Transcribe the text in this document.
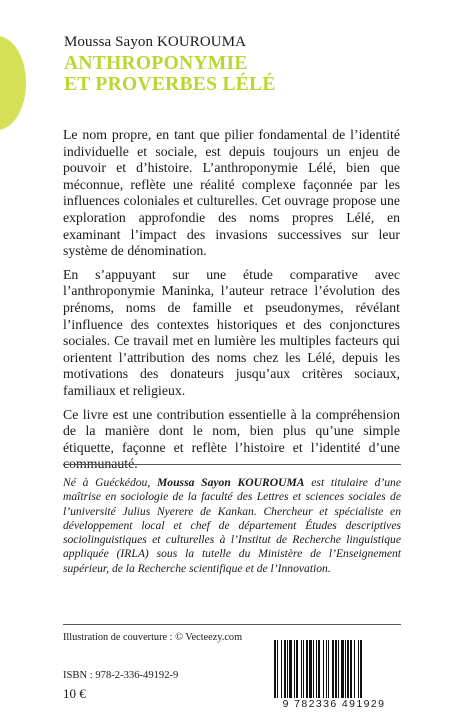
Moussa Sayon KOUROUMA
ANTHROPONYMIE
ET PROVERBES LÉLÉ

Le nom propre, en tant que pilier fondamental de l’identité individuelle et sociale, est depuis toujours un enjeu de pouvoir et d’histoire. L’anthroponymie Lélé, bien que méconnue, reflète une réalité complexe façonnée par les influences coloniales et culturelles. Cet ouvrage propose une exploration approfondie des noms propres Lélé, en examinant l’impact des invasions successives sur leur système de dénomination.

En s’appuyant sur une étude comparative avec l’anthroponymie Maninka, l’auteur retrace l’évolution des prénoms, noms de famille et pseudonymes, révélant l’influence des contextes historiques et des conjonctures sociales. Ce travail met en lumière les multiples facteurs qui orientent l’attribution des noms chez les Lélé, depuis les motivations des donateurs jusqu’aux critères sociaux, familiaux et religieux.

Ce livre est une contribution essentielle à la compréhension de la manière dont le nom, bien plus qu’une simple étiquette, façonne et reflète l’histoire et l’identité d’une communauté.

Né à Guéckédou, Moussa Sayon KOUROUMA est titulaire d’une maîtrise en sociologie de la faculté des Lettres et sciences sociales de l’université Julius Nyerere de Kankan. Chercheur et spécialiste en développement local et chef de département Études descriptives sociolinguistiques et culturelles à l’Institut de Recherche linguistique appliquée (IRLA) sous la tutelle du Ministère de l’Enseignement supérieur, de la Recherche scientifique et de l’Innovation.
Illustration de couverture : © Vecteezy.com
ISBN : 978-2-336-49192-9
10 €
9 782336 491929
